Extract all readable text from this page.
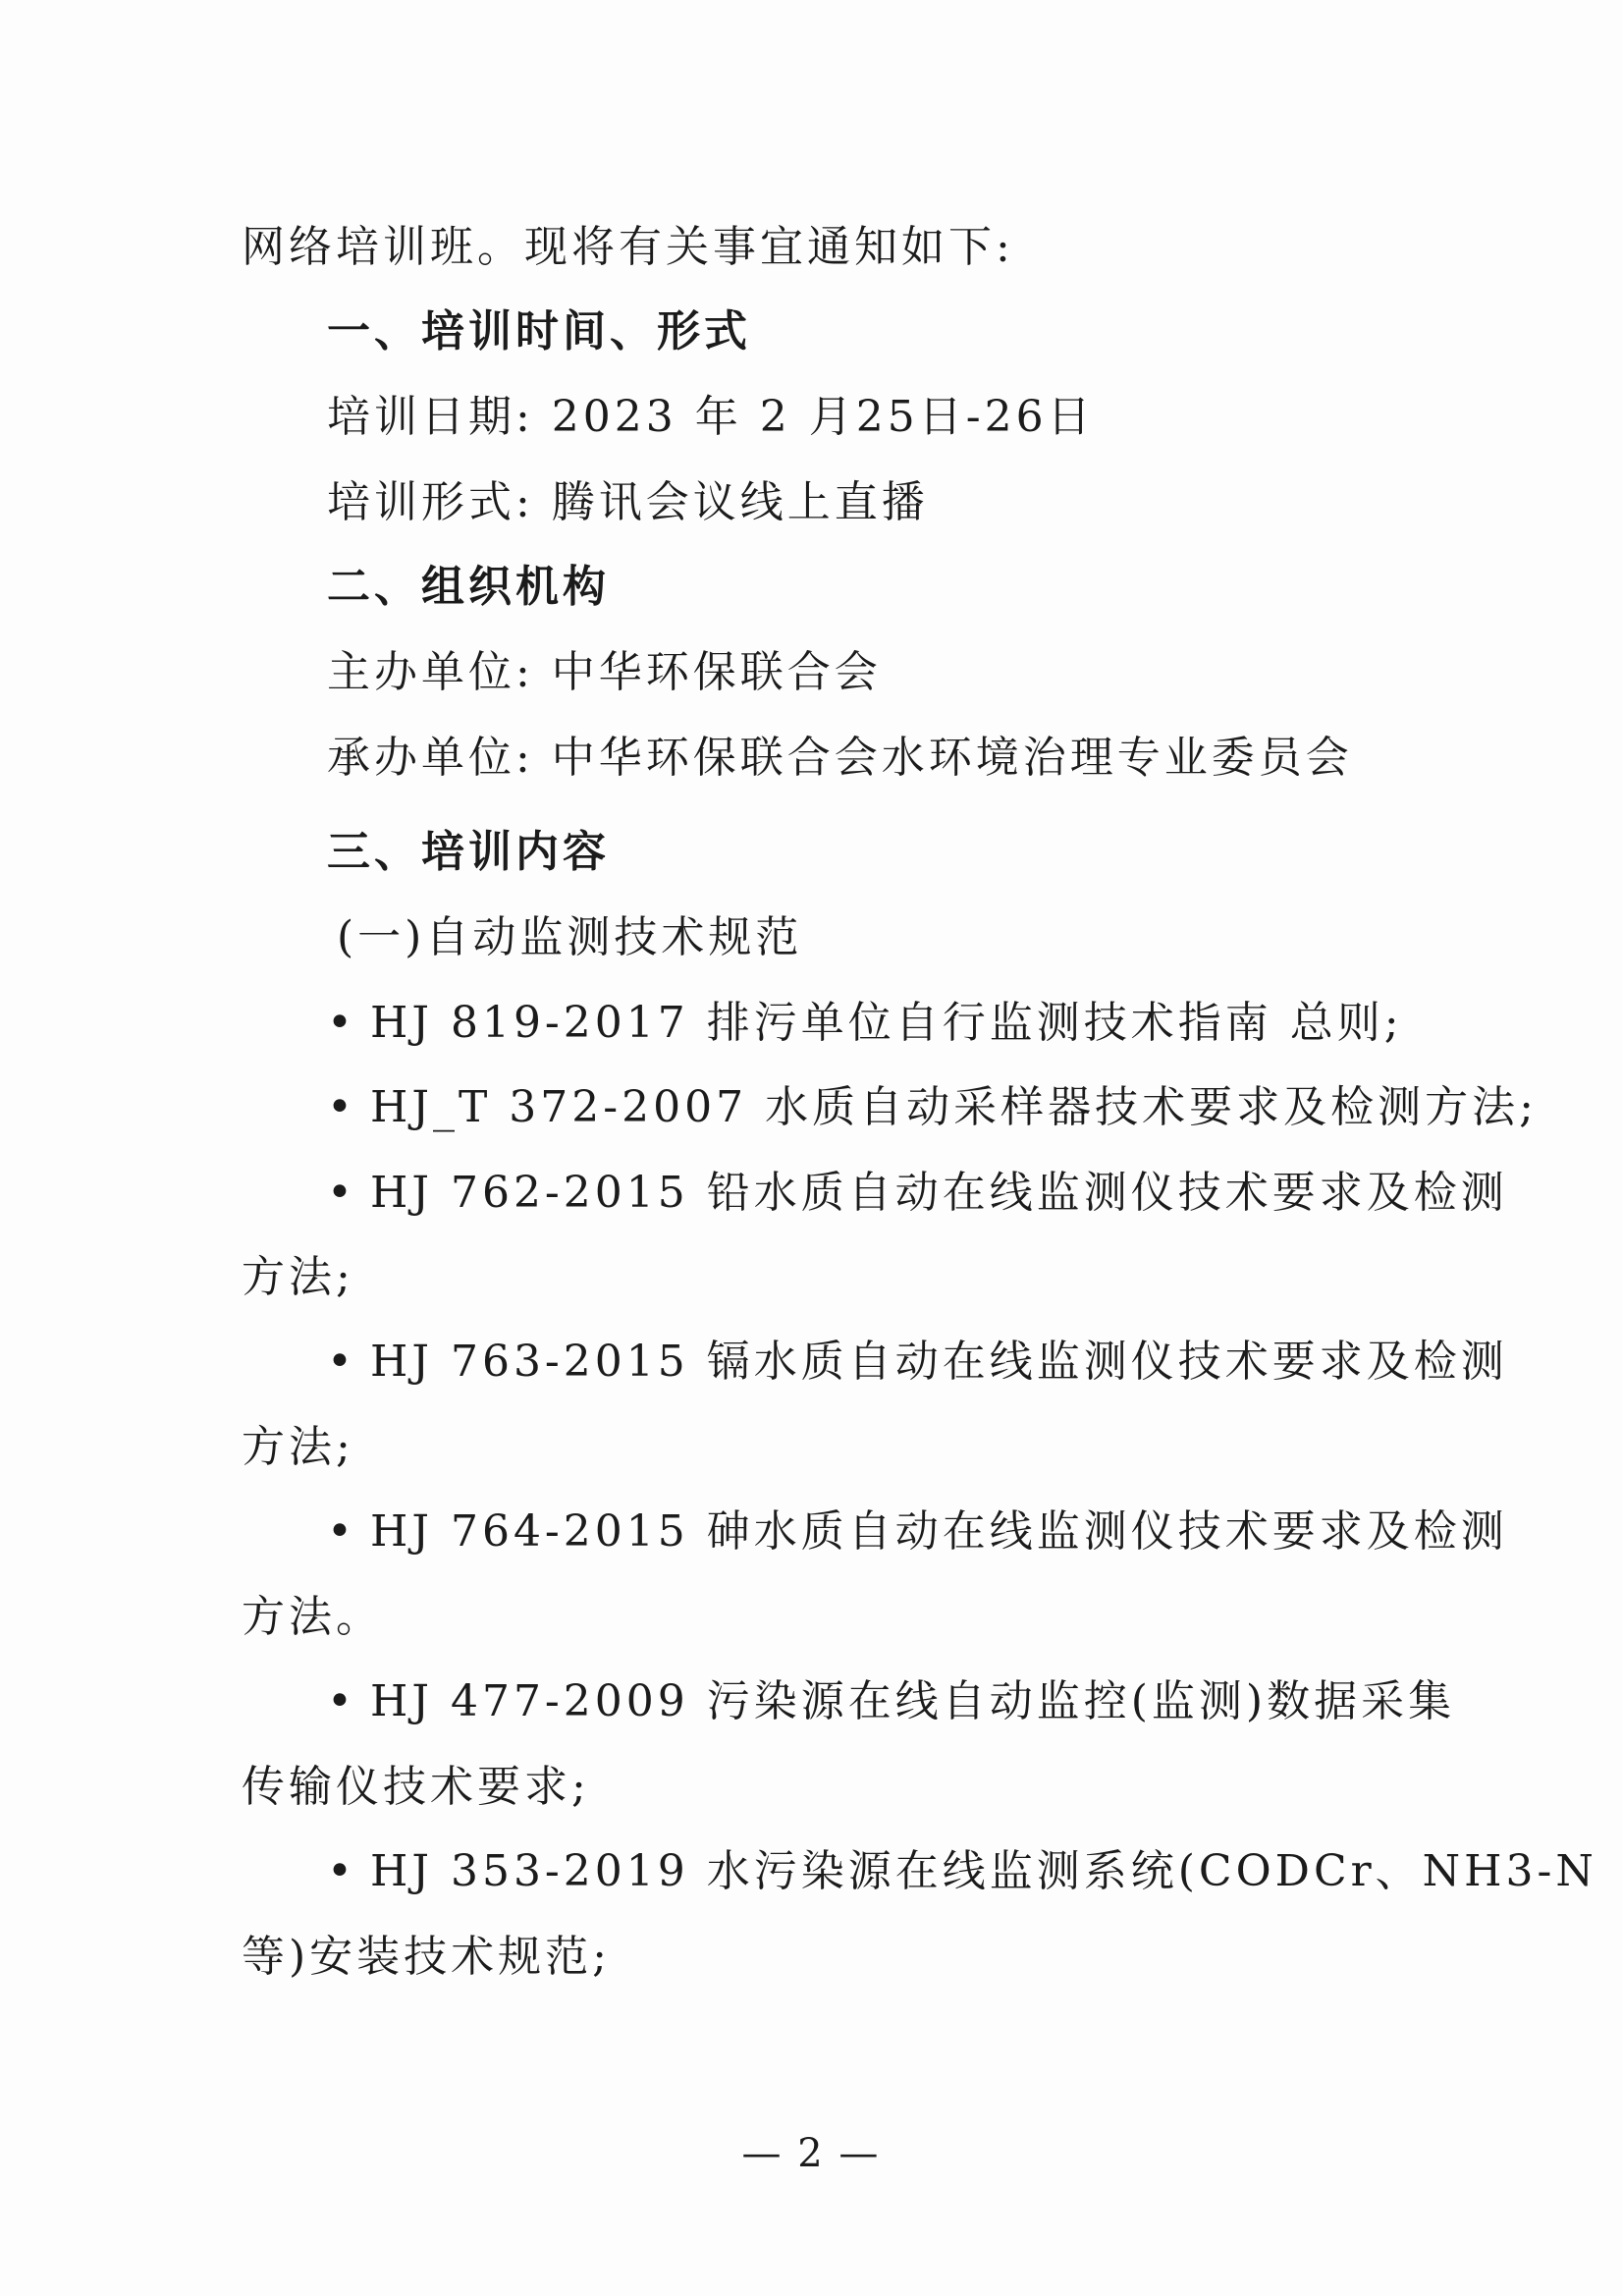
网络培训班。现将有关事宜通知如下:
一、培训时间、形式
培训日期: 2023 年 2 月25日-26日
培训形式: 腾讯会议线上直播
二、组织机构
主办单位: 中华环保联合会
承办单位: 中华环保联合会水环境治理专业委员会
三、培训内容
(一)自动监测技术规范
• HJ 819-2017 排污单位自行监测技术指南 总则;
• HJ_T 372-2007 水质自动采样器技术要求及检测方法;
• HJ 762-2015 铅水质自动在线监测仪技术要求及检测
方法;
• HJ 763-2015 镉水质自动在线监测仪技术要求及检测
方法;
• HJ 764-2015 砷水质自动在线监测仪技术要求及检测
方法。
• HJ 477-2009 污染源在线自动监控(监测)数据采集
传输仪技术要求;
• HJ 353-2019 水污染源在线监测系统(CODCr、NH3-N
等)安装技术规范;
— 2 —
